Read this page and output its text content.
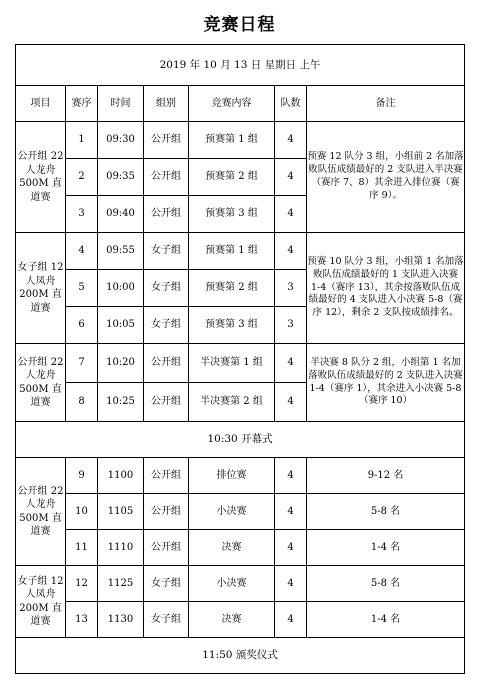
竞赛日程
2019 年 10 月 13 日 星期日 上午						
项目	赛序	时间	组别	竞赛内容	队数	备注
公开组 22 人龙舟 500M 直道赛	1	09:30	公开组	预赛第 1 组	4	预赛 12 队分 3 组，小组前 2 名加落败队伍成绩最好的 2 支队进入半决赛（赛序 7、8）其余进入排位赛（赛序 9）。
	2	09:35	公开组	预赛第 2 组	4	
	3	09:40	公开组	预赛第 3 组	4	
女子组 12 人凤舟 200M 直道赛	4	09:55	女子组	预赛第 1 组	4	预赛 10 队分 3 组，小组第 1 名加落败队伍成绩最好的 1 支队进入决赛 1-4（赛序 13），其余按落败队伍成绩最好的 4 支队进入小决赛 5-8（赛序 12），剩余 2 支队按成绩排名。
	5	10:00	女子组	预赛第 2 组	3	
	6	10:05	女子组	预赛第 3 组	3	
公开组 22 人龙舟 500M 直道赛	7	10:20	公开组	半决赛第 1 组	4	半决赛 8 队分 2 组，小组第 1 名加落败队伍成绩最好的 2 支队进入决赛 1-4（赛序 1），其余进入小决赛 5-8（赛序 10）
	8	10:25	公开组	半决赛第 2 组	4	
10:30 开幕式						
公开组 22 人龙舟 500M 直道赛	9	1100	公开组	排位赛	4	9-12 名
	10	1105	公开组	小决赛	4	5-8 名
	11	1110	公开组	决赛	4	1-4 名
女子组 12 人凤舟 200M 直道赛	12	1125	女子组	小决赛	4	5-8 名
	13	1130	女子组	决赛	4	1-4 名
11:50 颁奖仪式						
